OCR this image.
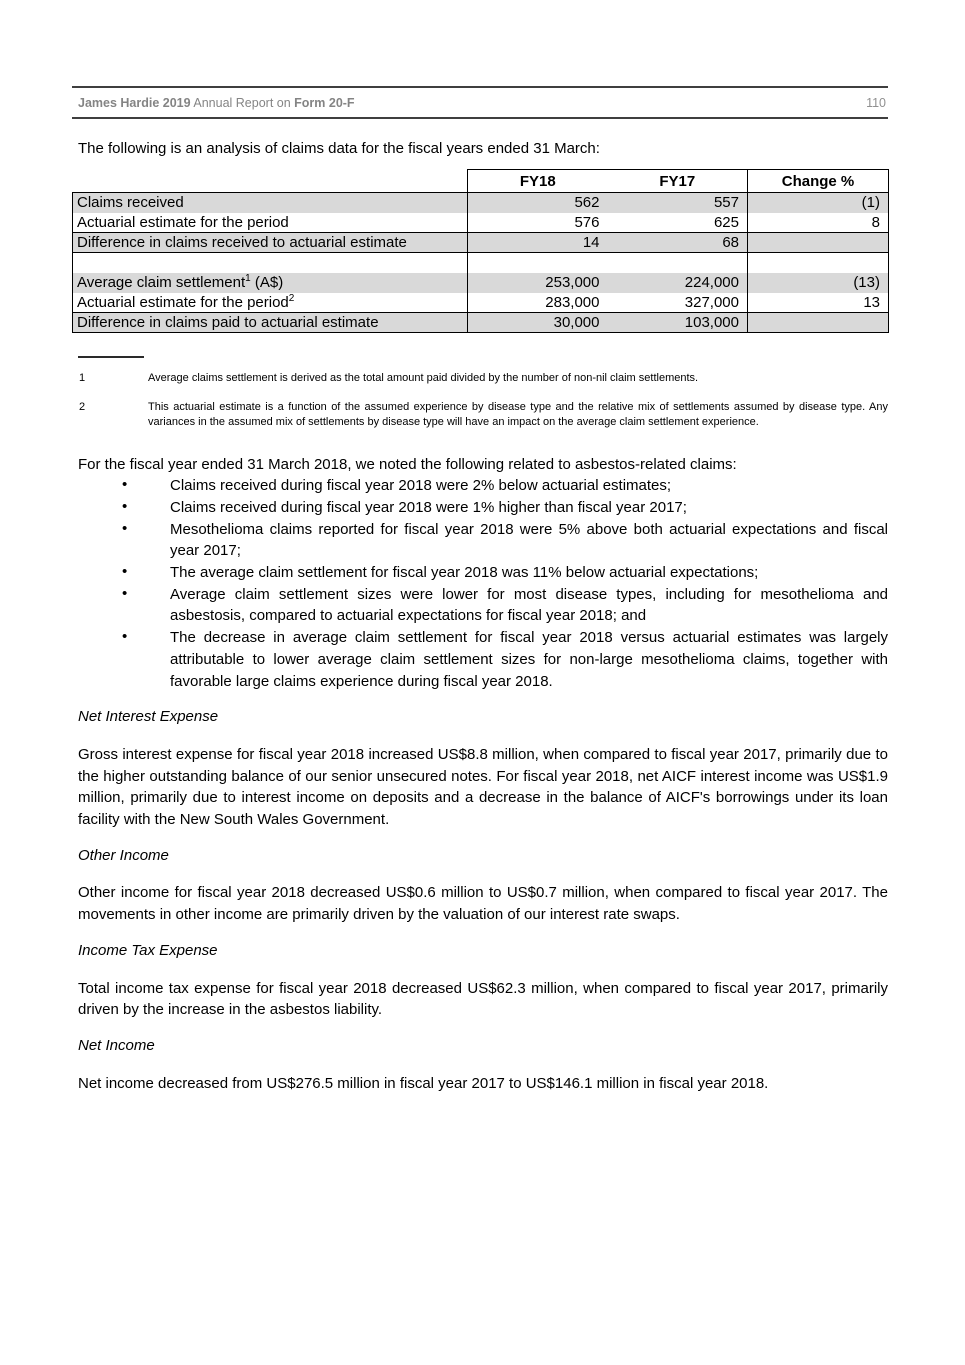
James Hardie 2019 Annual Report on Form 20-F	110
The following is an analysis of claims data for the fiscal years ended 31 March:
	FY18	FY17	Change %
Claims received	562	557	(1)
Actuarial estimate for the period	576	625	8
Difference in claims received to actuarial estimate	14	68	

Average claim settlement$^1$ (A$)	253,000	224,000	(13)
Actuarial estimate for the period$^2$	283,000	327,000	13
Difference in claims paid to actuarial estimate	30,000	103,000	
1	Average claims settlement is derived as the total amount paid divided by the number of non-nil claim settlements.
2	This actuarial estimate is a function of the assumed experience by disease type and the relative mix of settlements assumed by disease type. Any variances in the assumed mix of settlements by disease type will have an impact on the average claim settlement experience.
For the fiscal year ended 31 March 2018, we noted the following related to asbestos-related claims:
•	Claims received during fiscal year 2018 were 2% below actuarial estimates;
•	Claims received during fiscal year 2018 were 1% higher than fiscal year 2017;
•	Mesothelioma claims reported for fiscal year 2018 were 5% above both actuarial expectations and fiscal year 2017;
•	The average claim settlement for fiscal year 2018 was 11% below actuarial expectations;
•	Average claim settlement sizes were lower for most disease types, including for mesothelioma and asbestosis, compared to actuarial expectations for fiscal year 2018; and
•	The decrease in average claim settlement for fiscal year 2018 versus actuarial estimates was largely attributable to lower average claim settlement sizes for non-large mesothelioma claims, together with favorable large claims experience during fiscal year 2018.
Net Interest Expense
Gross interest expense for fiscal year 2018 increased US$8.8 million, when compared to fiscal year 2017, primarily due to the higher outstanding balance of our senior unsecured notes. For fiscal year 2018, net AICF interest income was US$1.9 million, primarily due to interest income on deposits and a decrease in the balance of AICF's borrowings under its loan facility with the New South Wales Government.
Other Income
Other income for fiscal year 2018 decreased US$0.6 million to US$0.7 million, when compared to fiscal year 2017. The movements in other income are primarily driven by the valuation of our interest rate swaps.
Income Tax Expense
Total income tax expense for fiscal year 2018 decreased US$62.3 million, when compared to fiscal year 2017, primarily driven by the increase in the asbestos liability.
Net Income
Net income decreased from US$276.5 million in fiscal year 2017 to US$146.1 million in fiscal year 2018.
